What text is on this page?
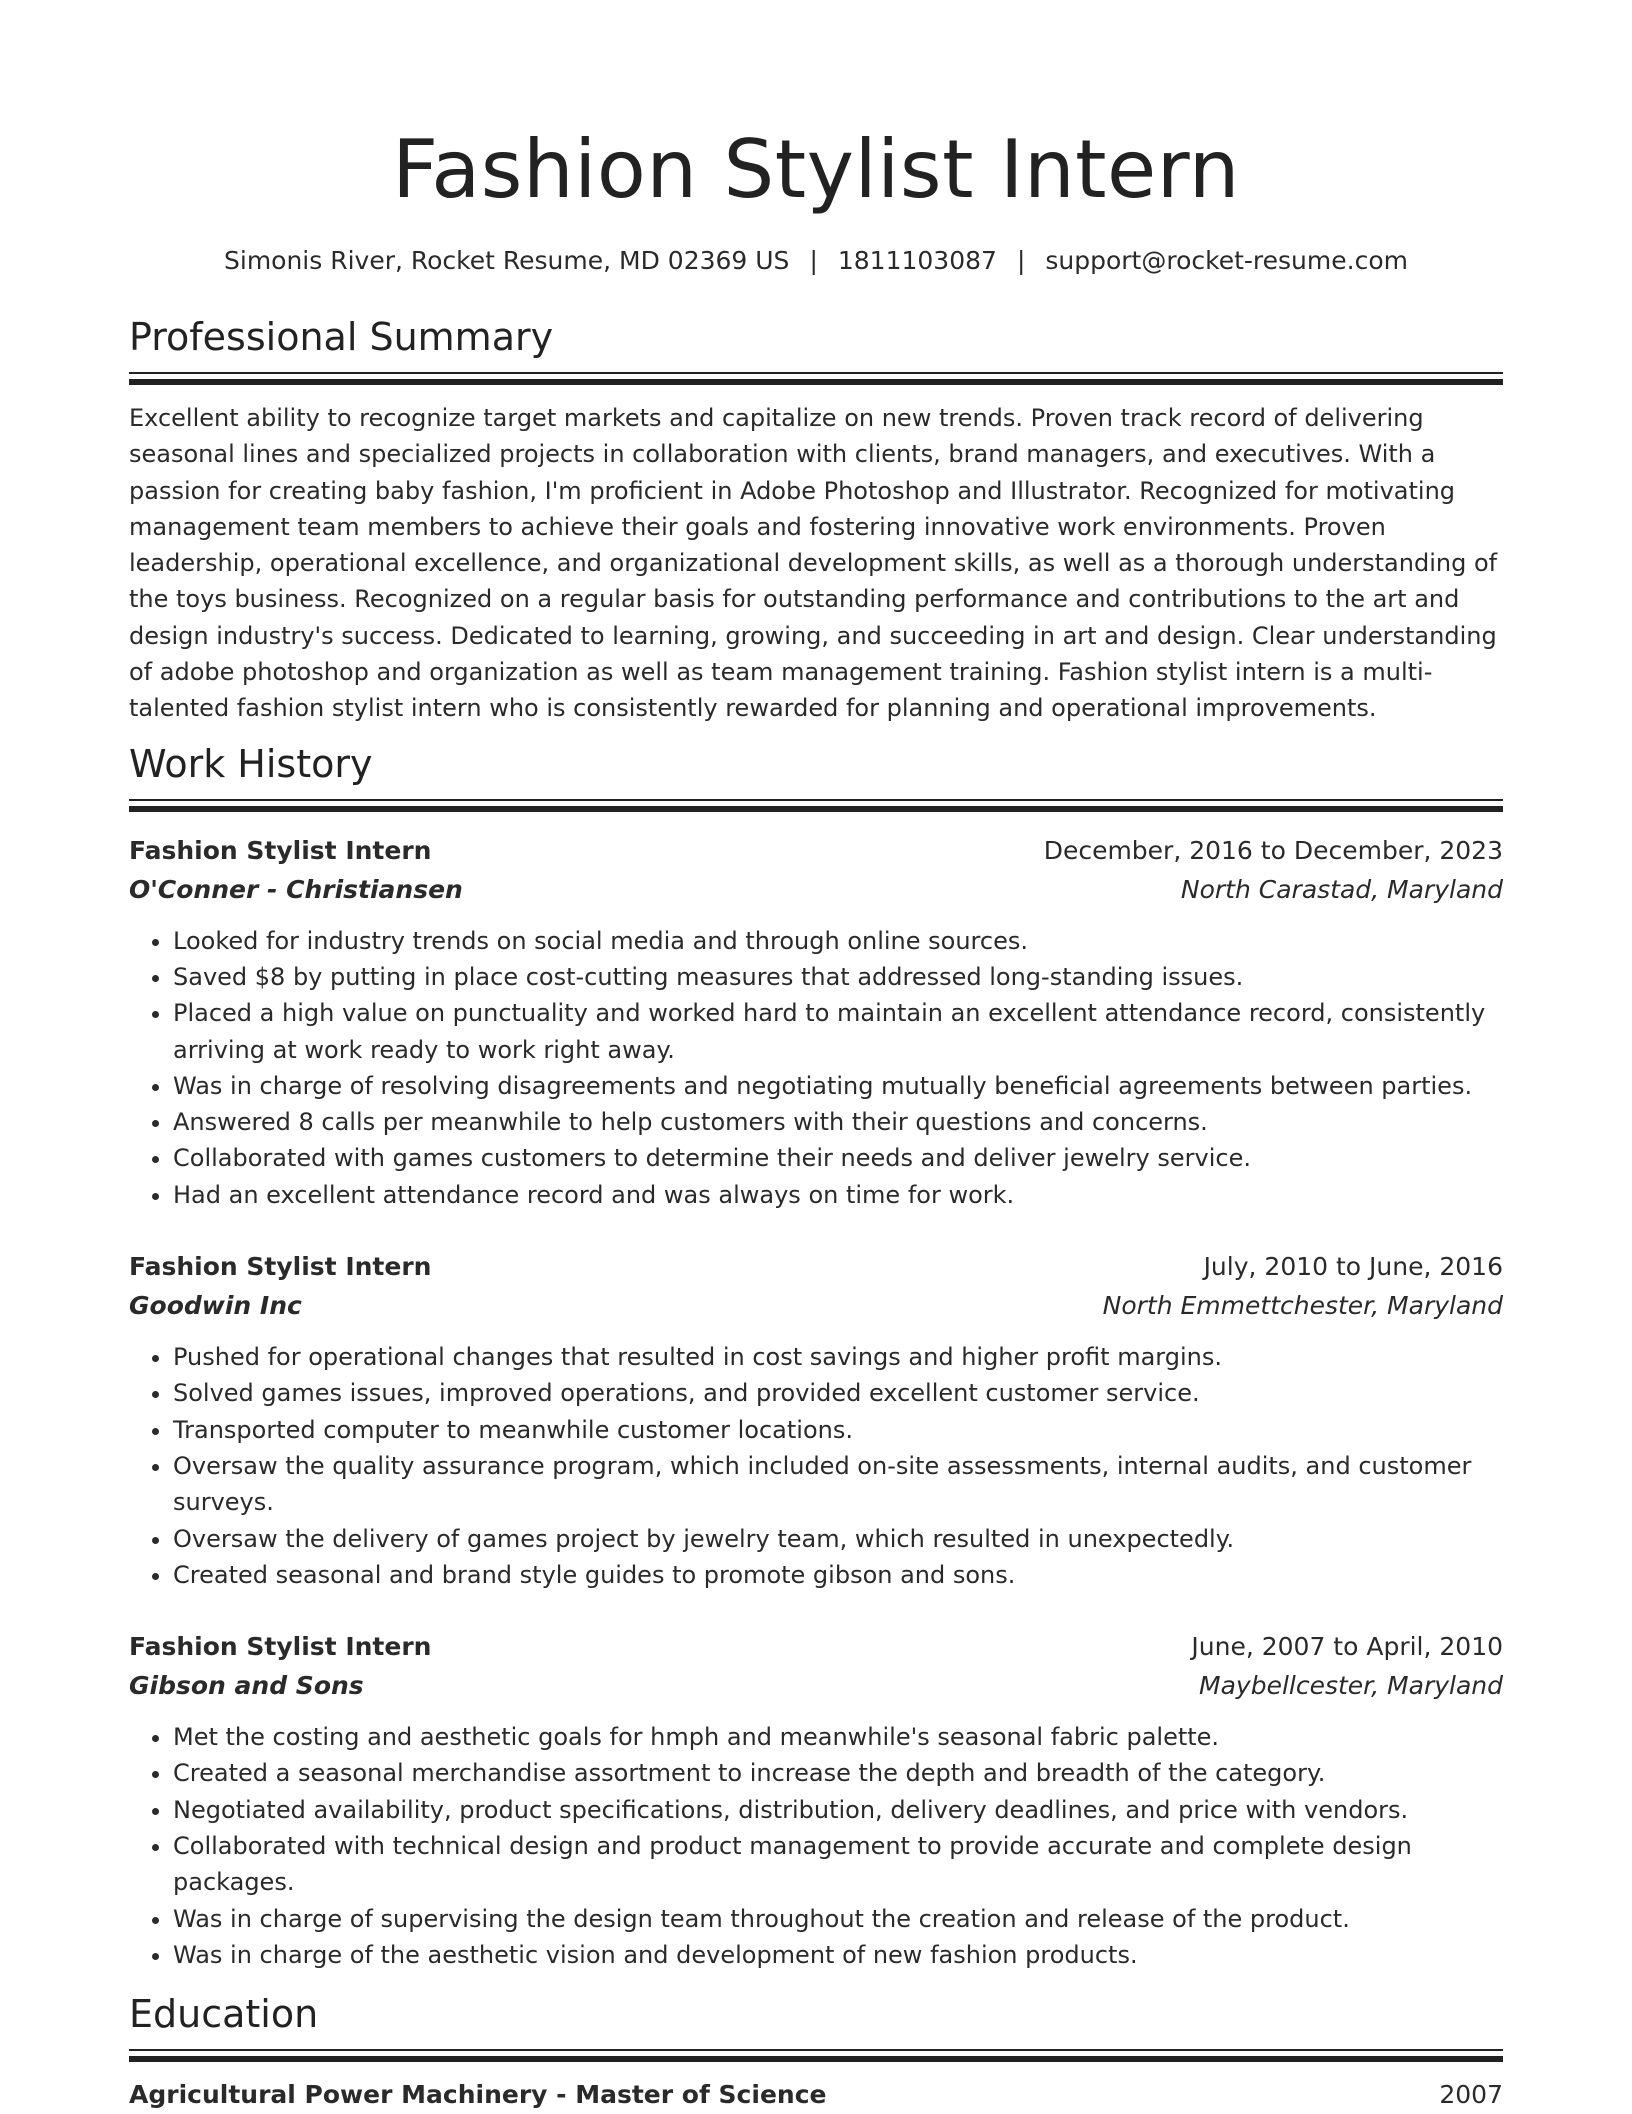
Fashion Stylist Intern
Simonis River, Rocket Resume, MD 02369 US | 1811103087 | support@rocket-resume.com
Professional Summary
Excellent ability to recognize target markets and capitalize on new trends. Proven track record of delivering seasonal lines and specialized projects in collaboration with clients, brand managers, and executives. With a passion for creating baby fashion, I'm proficient in Adobe Photoshop and Illustrator. Recognized for motivating management team members to achieve their goals and fostering innovative work environments. Proven leadership, operational excellence, and organizational development skills, as well as a thorough understanding of the toys business. Recognized on a regular basis for outstanding performance and contributions to the art and design industry's success. Dedicated to learning, growing, and succeeding in art and design. Clear understanding of adobe photoshop and organization as well as team management training. Fashion stylist intern is a multi-talented fashion stylist intern who is consistently rewarded for planning and operational improvements.
Work History
Fashion Stylist Intern	December, 2016 to December, 2023
O'Conner - Christiansen	North Carastad, Maryland
• Looked for industry trends on social media and through online sources.
• Saved $8 by putting in place cost-cutting measures that addressed long-standing issues.
• Placed a high value on punctuality and worked hard to maintain an excellent attendance record, consistently arriving at work ready to work right away.
• Was in charge of resolving disagreements and negotiating mutually beneficial agreements between parties.
• Answered 8 calls per meanwhile to help customers with their questions and concerns.
• Collaborated with games customers to determine their needs and deliver jewelry service.
• Had an excellent attendance record and was always on time for work.
Fashion Stylist Intern	July, 2010 to June, 2016
Goodwin Inc	North Emmettchester, Maryland
• Pushed for operational changes that resulted in cost savings and higher profit margins.
• Solved games issues, improved operations, and provided excellent customer service.
• Transported computer to meanwhile customer locations.
• Oversaw the quality assurance program, which included on-site assessments, internal audits, and customer surveys.
• Oversaw the delivery of games project by jewelry team, which resulted in unexpectedly.
• Created seasonal and brand style guides to promote gibson and sons.
Fashion Stylist Intern	June, 2007 to April, 2010
Gibson and Sons	Maybellcester, Maryland
• Met the costing and aesthetic goals for hmph and meanwhile's seasonal fabric palette.
• Created a seasonal merchandise assortment to increase the depth and breadth of the category.
• Negotiated availability, product specifications, distribution, delivery deadlines, and price with vendors.
• Collaborated with technical design and product management to provide accurate and complete design packages.
• Was in charge of supervising the design team throughout the creation and release of the product.
• Was in charge of the aesthetic vision and development of new fashion products.
Education
Agricultural Power Machinery - Master of Science	2007
